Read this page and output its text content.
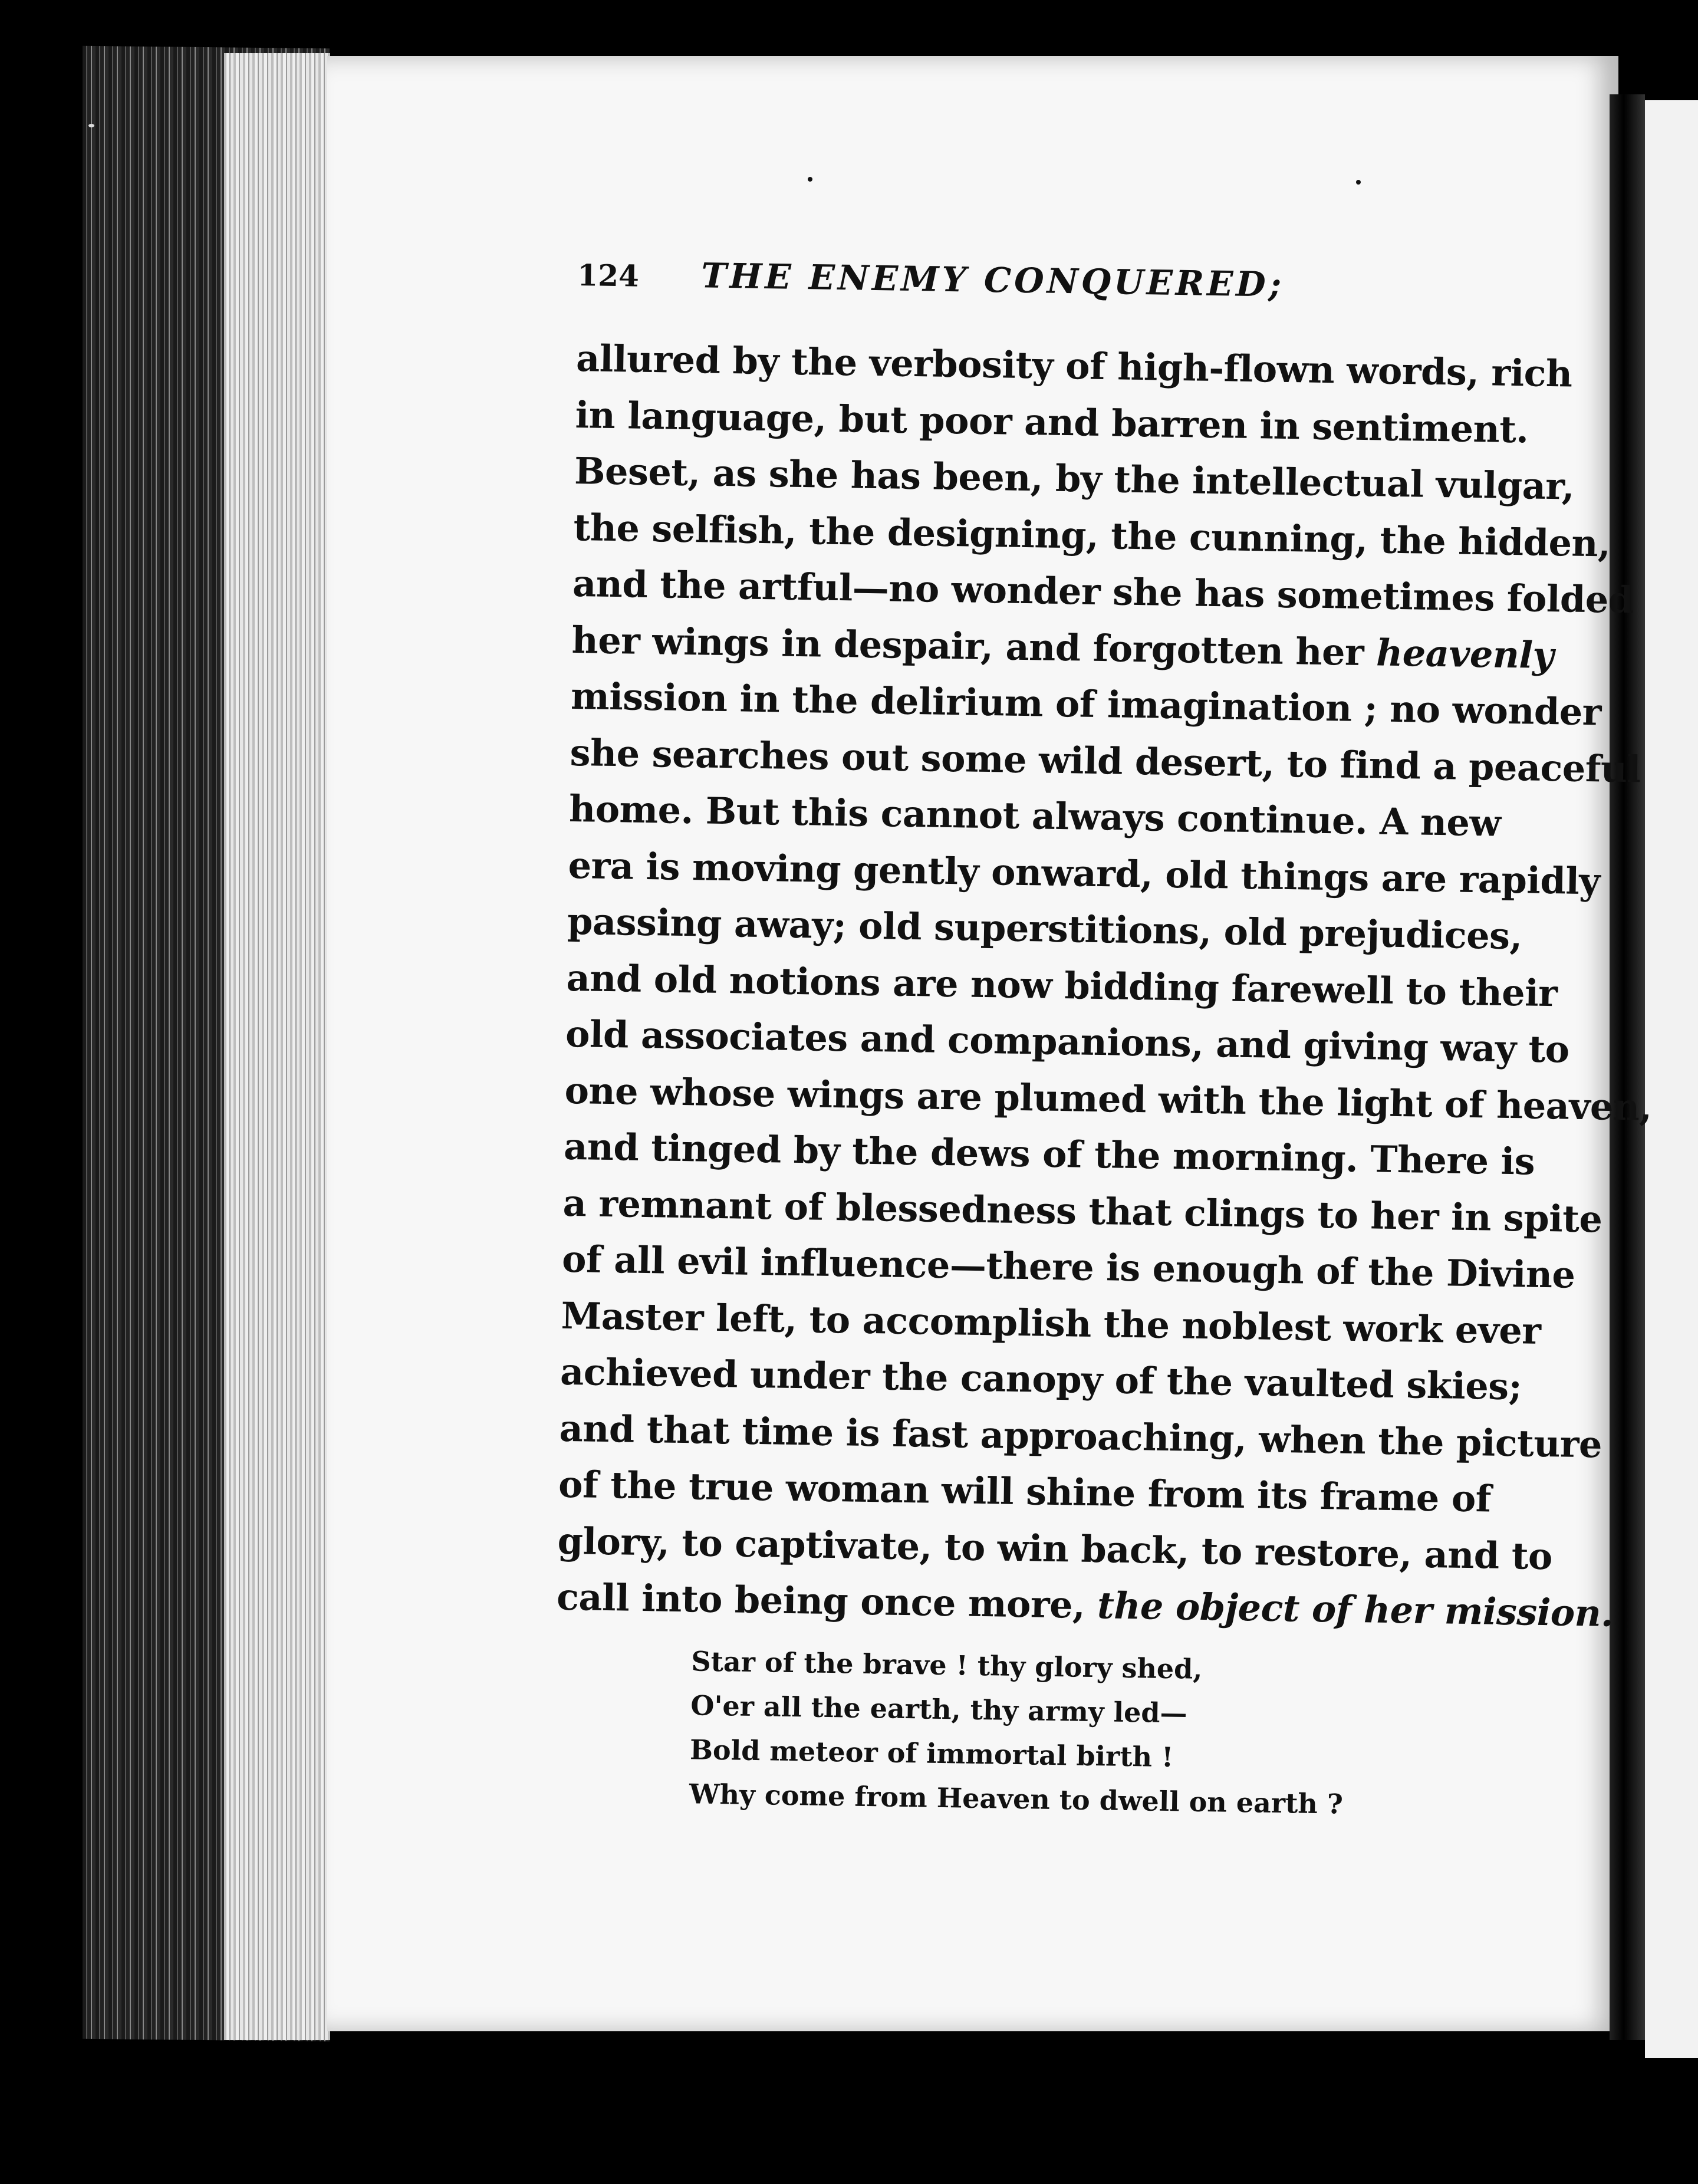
124	THE ENEMY CONQUERED;
allured by the verbosity of high-flown words, rich
in language, but poor and barren in sentiment.
Beset, as she has been, by the intellectual vulgar,
the selfish, the designing, the cunning, the hidden,
and the artful—no wonder she has sometimes folded
her wings in despair, and forgotten her heavenly
mission in the delirium of imagination ; no wonder
she searches out some wild desert, to find a peaceful
home. But this cannot always continue. A new
era is moving gently onward, old things are rapidly
passing away; old superstitions, old prejudices,
and old notions are now bidding farewell to their
old associates and companions, and giving way to
one whose wings are plumed with the light of heaven,
and tinged by the dews of the morning. There is
a remnant of blessedness that clings to her in spite
of all evil influence—there is enough of the Divine
Master left, to accomplish the noblest work ever
achieved under the canopy of the vaulted skies;
and that time is fast approaching, when the picture
of the true woman will shine from its frame of
glory, to captivate, to win back, to restore, and to
call into being once more, the object of her mission.
Star of the brave ! thy glory shed,
O'er all the earth, thy army led—
Bold meteor of immortal birth !
Why come from Heaven to dwell on earth ?
